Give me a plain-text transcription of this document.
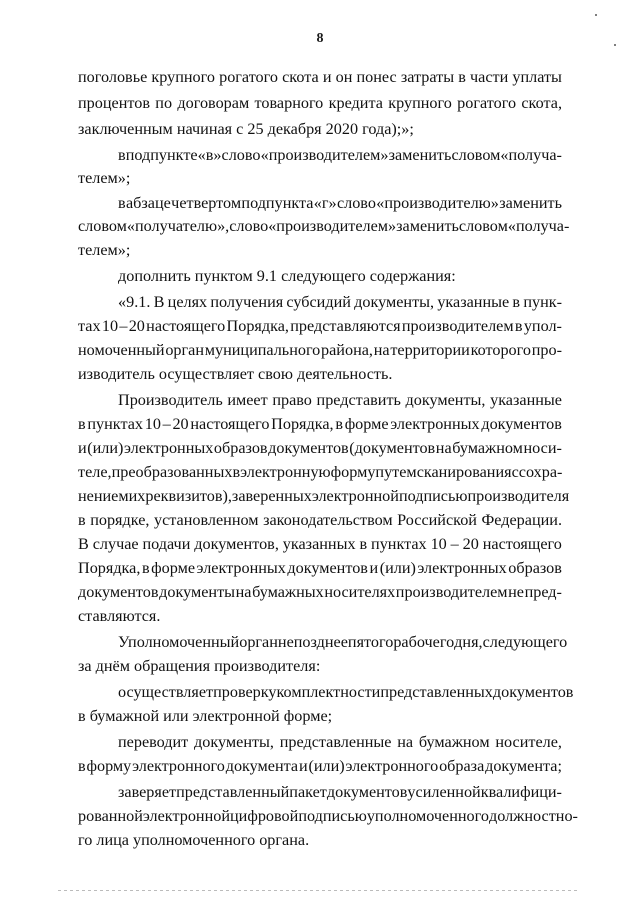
8
поголовье крупного рогатого скота и он понес затраты в части уплаты
процентов по договорам товарного кредита крупного рогатого скота,
заключенным начиная с 25 декабря 2020 года);»;
в подпункте «в» слово «производителем» заменить словом «получа-
телем»;
в абзаце четвертом подпункта «г» слово «производителю» заменить
словом «получателю», слово «производителем» заменить словом «получа-
телем»;
дополнить пунктом 9.1 следующего содержания:
«9.1. В целях получения субсидий документы, указанные в пунк-
тах 10 – 20 настоящего Порядка, представляются производителем в упол-
номоченный орган муниципального района, на территории которого про-
изводитель осуществляет свою деятельность.
Производитель имеет право представить документы, указанные
в пунктах 10 – 20 настоящего Порядка, в форме электронных документов
и (или) электронных образов документов (документов на бумажном носи-
теле, преобразованных в электронную форму путем сканирования с сохра-
нением их реквизитов), заверенных электронной подписью производителя
в порядке, установленном законодательством Российской Федерации.
В случае подачи документов, указанных в пунктах 10 – 20 настоящего
Порядка, в форме электронных документов и (или) электронных образов
документов документы на бумажных носителях производителем не пред-
ставляются.
Уполномоченный орган не позднее пятого рабочего дня, следующего
за днём обращения производителя:
осуществляет проверку комплектности представленных документов
в бумажной или электронной форме;
переводит документы, представленные на бумажном носителе,
в форму электронного документа и (или) электронного образа документа;
заверяет представленный пакет документов усиленной квалифици-
рованной электронной цифровой подписью уполномоченного должностно-
го лица уполномоченного органа.
